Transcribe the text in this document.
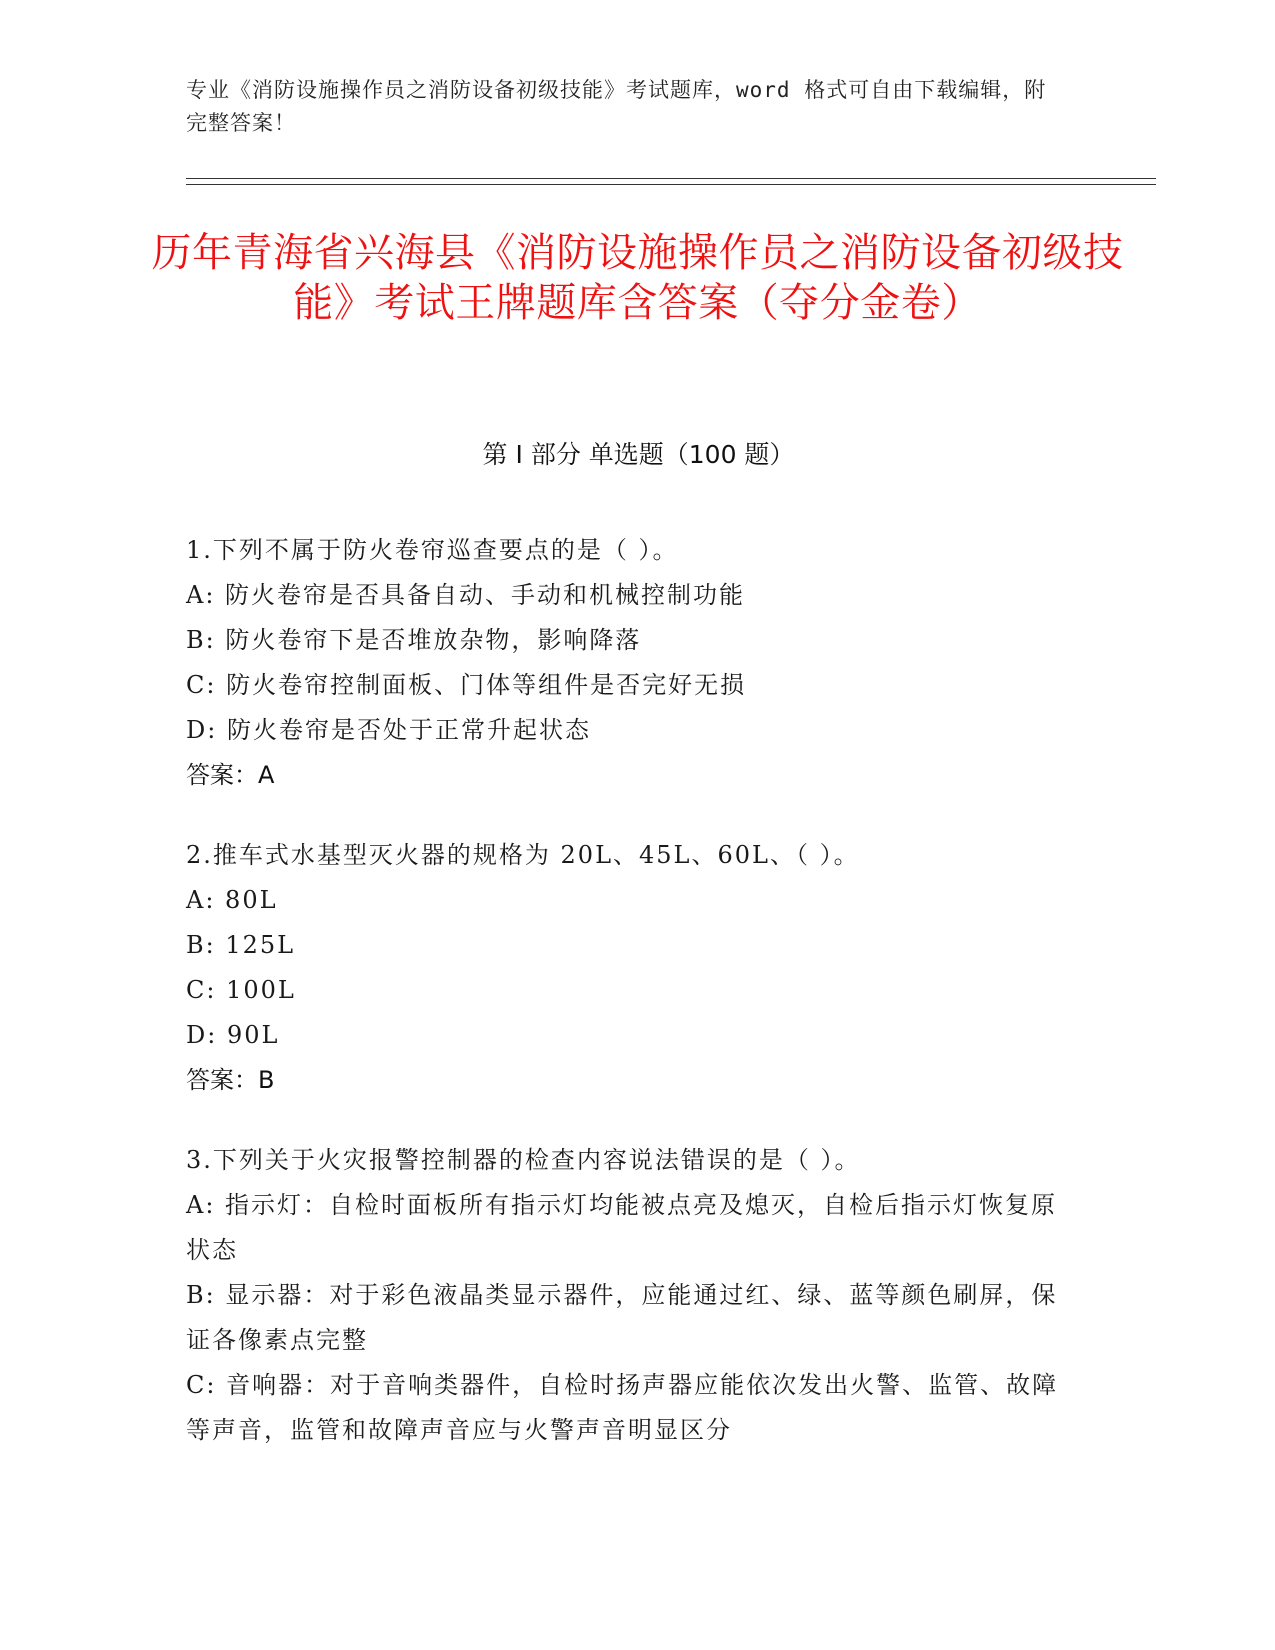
专业《消防设施操作员之消防设备初级技能》考试题库，word 格式可自由下载编辑，附完整答案！
历年青海省兴海县《消防设施操作员之消防设备初级技能》考试王牌题库含答案（夺分金卷）
第 I 部分 单选题（100 题）
1.下列不属于防火卷帘巡查要点的是（ ）。
A: 防火卷帘是否具备自动、手动和机械控制功能
B: 防火卷帘下是否堆放杂物，影响降落
C: 防火卷帘控制面板、门体等组件是否完好无损
D: 防火卷帘是否处于正常升起状态
答案：A
2.推车式水基型灭火器的规格为 20L、45L、60L、（ ）。
A: 80L
B: 125L
C: 100L
D: 90L
答案：B
3.下列关于火灾报警控制器的检查内容说法错误的是（ ）。
A: 指示灯：自检时面板所有指示灯均能被点亮及熄灭，自检后指示灯恢复原状态
B: 显示器：对于彩色液晶类显示器件，应能通过红、绿、蓝等颜色刷屏，保证各像素点完整
C: 音响器：对于音响类器件，自检时扬声器应能依次发出火警、监管、故障等声音，监管和故障声音应与火警声音明显区分
